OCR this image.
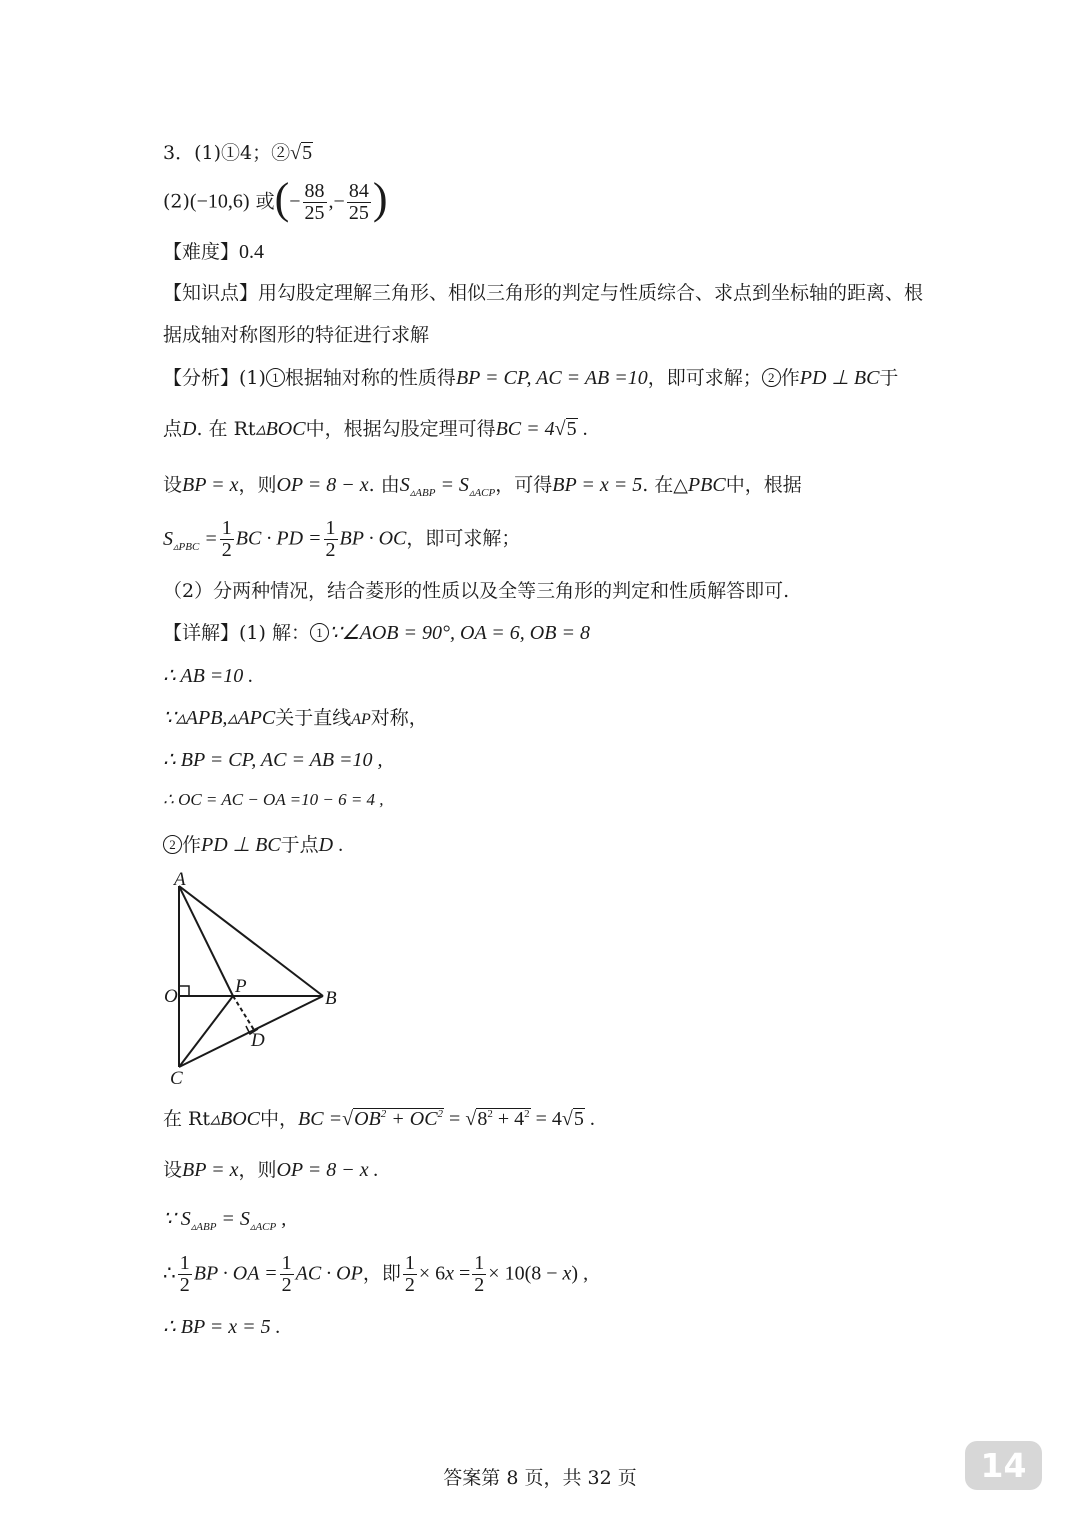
3．(1)①4；②√5
(2)(−10,6) 或(− $\frac{88}{25}$ ,− $\frac{84}{25}$ )
【难度】0.4
【知识点】用勾股定理解三角形、相似三角形的判定与性质综合、求点到坐标轴的距离、根
据成轴对称图形的特征进行求解
【分析】(1) 1 根据轴对称的性质得BP = CP, AC = AB =10，即可求解； 2 作PD ⊥ BC于
点D. 在 Rt▵BOC中，根据勾股定理可得BC = 4√5 .
设BP = x，则OP = 8 − x. 由$S_{▵ABP} = S_{▵ACP}$，可得BP = x = 5. 在△PBC中，根据
$S_{▵PBC} = \frac{1}{2}$ BC · PD = $\frac{1}{2}$ BP · OC，即可求解；
（2）分两种情况，结合菱形的性质以及全等三角形的判定和性质解答即可.
【详解】(1) 解： 1 ∵∠AOB = 90°, OA = 6, OB = 8
∴ AB =10 .
∵▵APB,▵APC关于直线AP对称，
∴ BP = CP, AC = AB =10 ,
∴ OC = AC − OA =10 − 6 = 4 ,
2 作PD ⊥ BC于点D .
A
O	P
B
D
C
在 Rt▵BOC中，BC $=√OB^2 + OC^2 = √8^2 + 4^2 = 4√5$ .
设BP = x，则OP = 8 − x .
∵ $S_{▵ABP} = S_{▵ACP}$ ,
∴ $\frac{1}{2}$ BP · OA = $\frac{1}{2}$ AC · OP，即 $\frac{1}{2} \times 6x = \frac{1}{2} \times 10(8 - x)$ ,
∴ BP = x = 5 .
答案第 8 页，共 32 页	14
